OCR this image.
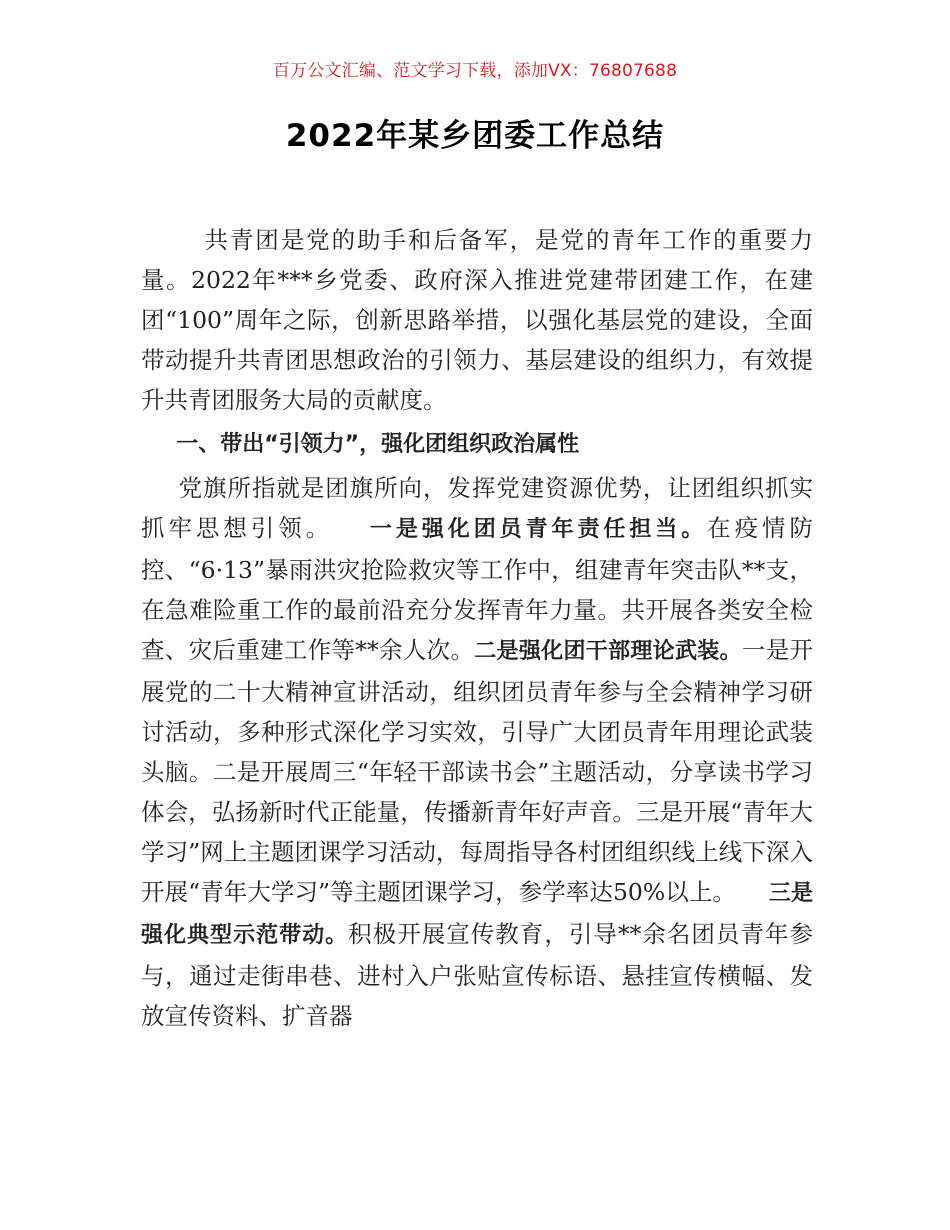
百万公文汇编、范文学习下载，添加VX：76807688
2022年某乡团委工作总结

共青团是党的助手和后备军，是党的青年工作的重要力量。2022年***乡党委、政府深入推进党建带团建工作，在建团“100”周年之际，创新思路举措，以强化基层党的建设，全面带动提升共青团思想政治的引领力、基层建设的组织力，有效提升共青团服务大局的贡献度。

一、带出“引领力”，强化团组织政治属性

党旗所指就是团旗所向，发挥党建资源优势，让团组织抓实抓牢思想引领。 一是强化团员青年责任担当。在疫情防控、“6·13”暴雨洪灾抢险救灾等工作中，组建青年突击队**支，在急难险重工作的最前沿充分发挥青年力量。共开展各类安全检查、灾后重建工作等**余人次。二是强化团干部理论武装。一是开展党的二十大精神宣讲活动，组织团员青年参与全会精神学习研讨活动，多种形式深化学习实效，引导广大团员青年用理论武装头脑。二是开展周三“年轻干部读书会”主题活动，分享读书学习体会，弘扬新时代正能量，传播新青年好声音。三是开展“青年大学习”网上主题团课学习活动，每周指导各村团组织线上线下深入开展“青年大学习”等主题团课学习，参学率达50%以上。 三是强化典型示范带动。积极开展宣传教育，引导**余名团员青年参与，通过走街串巷、进村入户张贴宣传标语、悬挂宣传横幅、发放宣传资料、扩音器
